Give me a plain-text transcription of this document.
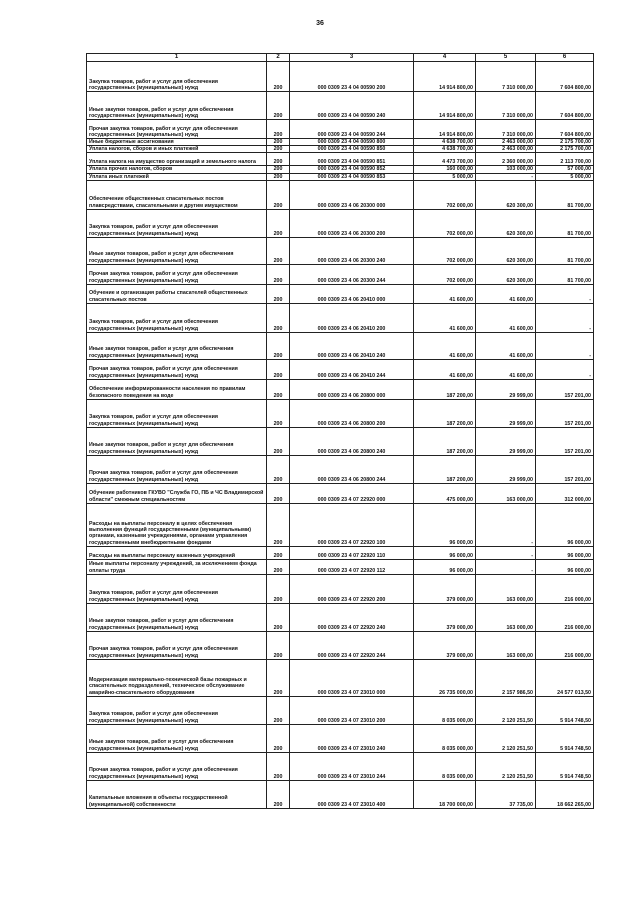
36
1	2	3	4	5	6
Закупка товаров, работ и услуг для обеспечения государственных (муниципальных) нужд	200	000 0309 23 4 04 00590 200	14 914 800,00	7 310 000,00	7 604 800,00
Иные закупки товаров, работ и услуг для обеспечения государственных (муниципальных) нужд	200	000 0309 23 4 04 00590 240	14 914 800,00	7 310 000,00	7 604 800,00
Прочая закупка товаров, работ и услуг для обеспечения государственных (муниципальных) нужд	200	000 0309 23 4 04 00590 244	14 914 800,00	7 310 000,00	7 604 800,00
Иные бюджетные ассигнования	200	000 0309 23 4 04 00590 800	4 638 700,00	2 463 000,00	2 175 700,00
Уплата налогов, сборов и иных платежей	200	000 0309 23 4 04 00590 850	4 638 700,00	2 463 000,00	2 175 700,00
Уплата налога на имущество организаций и земельного налога	200	000 0309 23 4 04 00590 851	4 473 700,00	2 360 000,00	2 113 700,00
Уплата прочих налогов, сборов	200	000 0309 23 4 04 00590 852	160 000,00	103 000,00	57 000,00
Уплата иных платежей	200	000 0309 23 4 04 00590 853	5 000,00	-	5 000,00
Обеспечение общественных спасательных постов плавсредствами, спасательными и другим имуществом	200	000 0309 23 4 06 20300 000	702 000,00	620 300,00	81 700,00
Закупка товаров, работ и услуг для обеспечения государственных (муниципальных) нужд	200	000 0309 23 4 06 20300 200	702 000,00	620 300,00	81 700,00
Иные закупки товаров, работ и услуг для обеспечения государственных (муниципальных) нужд	200	000 0309 23 4 06 20300 240	702 000,00	620 300,00	81 700,00
Прочая закупка товаров, работ и услуг для обеспечения государственных (муниципальных) нужд	200	000 0309 23 4 06 20300 244	702 000,00	620 300,00	81 700,00
Обучение и организация работы спасателей общественных спасательных постов	200	000 0309 23 4 06 20410 000	41 600,00	41 600,00	-
Закупка товаров, работ и услуг для обеспечения государственных (муниципальных) нужд	200	000 0309 23 4 06 20410 200	41 600,00	41 600,00	-
Иные закупки товаров, работ и услуг для обеспечения государственных (муниципальных) нужд	200	000 0309 23 4 06 20410 240	41 600,00	41 600,00	-
Прочая закупка товаров, работ и услуг для обеспечения государственных (муниципальных) нужд	200	000 0309 23 4 06 20410 244	41 600,00	41 600,00	-
Обеспечение информированности населения по правилам безопасного поведения на воде	200	000 0309 23 4 06 20800 000	187 200,00	29 999,00	157 201,00
Закупка товаров, работ и услуг для обеспечения государственных (муниципальных) нужд	200	000 0309 23 4 06 20800 200	187 200,00	29 999,00	157 201,00
Иные закупки товаров, работ и услуг для обеспечения государственных (муниципальных) нужд	200	000 0309 23 4 06 20800 240	187 200,00	29 999,00	157 201,00
Прочая закупка товаров, работ и услуг для обеспечения государственных (муниципальных) нужд	200	000 0309 23 4 06 20800 244	187 200,00	29 999,00	157 201,00
Обучение работников ГКУВО "Служба ГО, ПБ и ЧС Владимирской области" смежным специальностям	200	000 0309 23 4 07 22920 000	475 000,00	163 000,00	312 000,00
Расходы на выплаты персоналу в целях обеспечения выполнения функций государственными (муниципальными) органами, казенными учреждениями, органами управления государственными внебюджетными фондами	200	000 0309 23 4 07 22920 100	96 000,00	-	96 000,00
Расходы на выплаты персоналу казенных учреждений	200	000 0309 23 4 07 22920 110	96 000,00	-	96 000,00
Иные выплаты персоналу учреждений, за исключением фонда оплаты труда	200	000 0309 23 4 07 22920 112	96 000,00	-	96 000,00
Закупка товаров, работ и услуг для обеспечения государственных (муниципальных) нужд	200	000 0309 23 4 07 22920 200	379 000,00	163 000,00	216 000,00
Иные закупки товаров, работ и услуг для обеспечения государственных (муниципальных) нужд	200	000 0309 23 4 07 22920 240	379 000,00	163 000,00	216 000,00
Прочая закупка товаров, работ и услуг для обеспечения государственных (муниципальных) нужд	200	000 0309 23 4 07 22920 244	379 000,00	163 000,00	216 000,00
Модернизация материально-технической базы пожарных и спасательных подразделений, техническое обслуживание аварийно-спасательного оборудования	200	000 0309 23 4 07 23010 000	26 735 000,00	2 157 986,50	24 577 013,50
Закупка товаров, работ и услуг для обеспечения государственных (муниципальных) нужд	200	000 0309 23 4 07 23010 200	8 035 000,00	2 120 251,50	5 914 748,50
Иные закупки товаров, работ и услуг для обеспечения государственных (муниципальных) нужд	200	000 0309 23 4 07 23010 240	8 035 000,00	2 120 251,50	5 914 748,50
Прочая закупка товаров, работ и услуг для обеспечения государственных (муниципальных) нужд	200	000 0309 23 4 07 23010 244	8 035 000,00	2 120 251,50	5 914 748,50
Капитальные вложения в объекты государственной (муниципальной) собственности	200	000 0309 23 4 07 23010 400	18 700 000,00	37 735,00	18 662 265,00
